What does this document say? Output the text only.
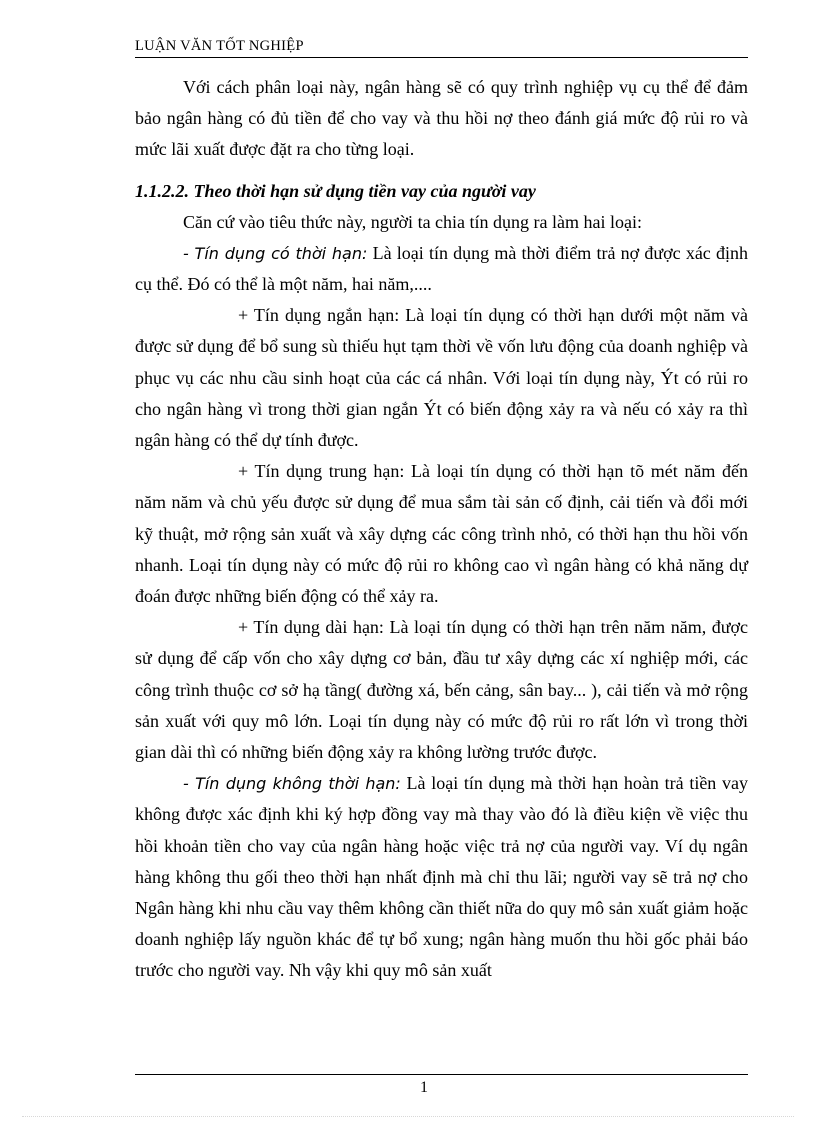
LUẬN VĂN TỐT NGHIỆP

Với cách phân loại này, ngân hàng sẽ có quy trình nghiệp vụ cụ thể để đảm bảo ngân hàng có đủ tiền để cho vay và thu hồi nợ theo đánh giá mức độ rủi ro và mức lãi xuất được đặt ra cho từng loại.

1.1.2.2. Theo thời hạn sử dụng tiền vay của người vay

Căn cứ vào tiêu thức này, người ta chia tín dụng ra làm hai loại:

- Tín dụng có thời hạn: Là loại tín dụng mà thời điểm trả nợ được xác định cụ thể. Đó có thể là một năm, hai năm,....

+ Tín dụng ngắn hạn: Là loại tín dụng có thời hạn dưới một năm và được sử dụng để bổ sung sù thiếu hụt tạm thời về vốn lưu động của doanh nghiệp và phục vụ các nhu cầu sinh hoạt của các cá nhân. Với loại tín dụng này, Ýt có rủi ro cho ngân hàng vì trong thời gian ngắn Ýt có biến động xảy ra và nếu có xảy ra thì ngân hàng có thể dự tính được.

+ Tín dụng trung hạn: Là loại tín dụng có thời hạn tõ mét năm đến năm năm và chủ yếu được sử dụng để mua sắm tài sản cố định, cải tiến và đổi mới kỹ thuật, mở rộng sản xuất và xây dựng các công trình nhỏ, có thời hạn thu hồi vốn nhanh. Loại tín dụng này có mức độ rủi ro không cao vì ngân hàng có khả năng dự đoán được những biến động có thể xảy ra.

+ Tín dụng dài hạn: Là loại tín dụng có thời hạn trên năm năm, được sử dụng để cấp vốn cho xây dựng cơ bản, đầu tư xây dựng các xí nghiệp mới, các công trình thuộc cơ sở hạ tầng( đường xá, bến cảng, sân bay... ), cải tiến và mở rộng sản xuất với quy mô lớn. Loại tín dụng này có mức độ rủi ro rất lớn vì trong thời gian dài thì có những biến động xảy ra không lường trước được.

- Tín dụng không thời hạn: Là loại tín dụng mà thời hạn hoàn trả tiền vay không được xác định khi ký hợp đồng vay mà thay vào đó là điều kiện về việc thu hồi khoản tiền cho vay của ngân hàng hoặc việc trả nợ của người vay. Ví dụ ngân hàng không thu gối theo thời hạn nhất định mà chỉ thu lãi; người vay sẽ trả nợ cho Ngân hàng khi nhu cầu vay thêm không cần thiết nữa do quy mô sản xuất giảm hoặc doanh nghiệp lấy nguồn khác để tự bổ xung; ngân hàng muốn thu hồi gốc phải báo trước cho người vay. Nh vậy khi quy mô sản xuất

1
